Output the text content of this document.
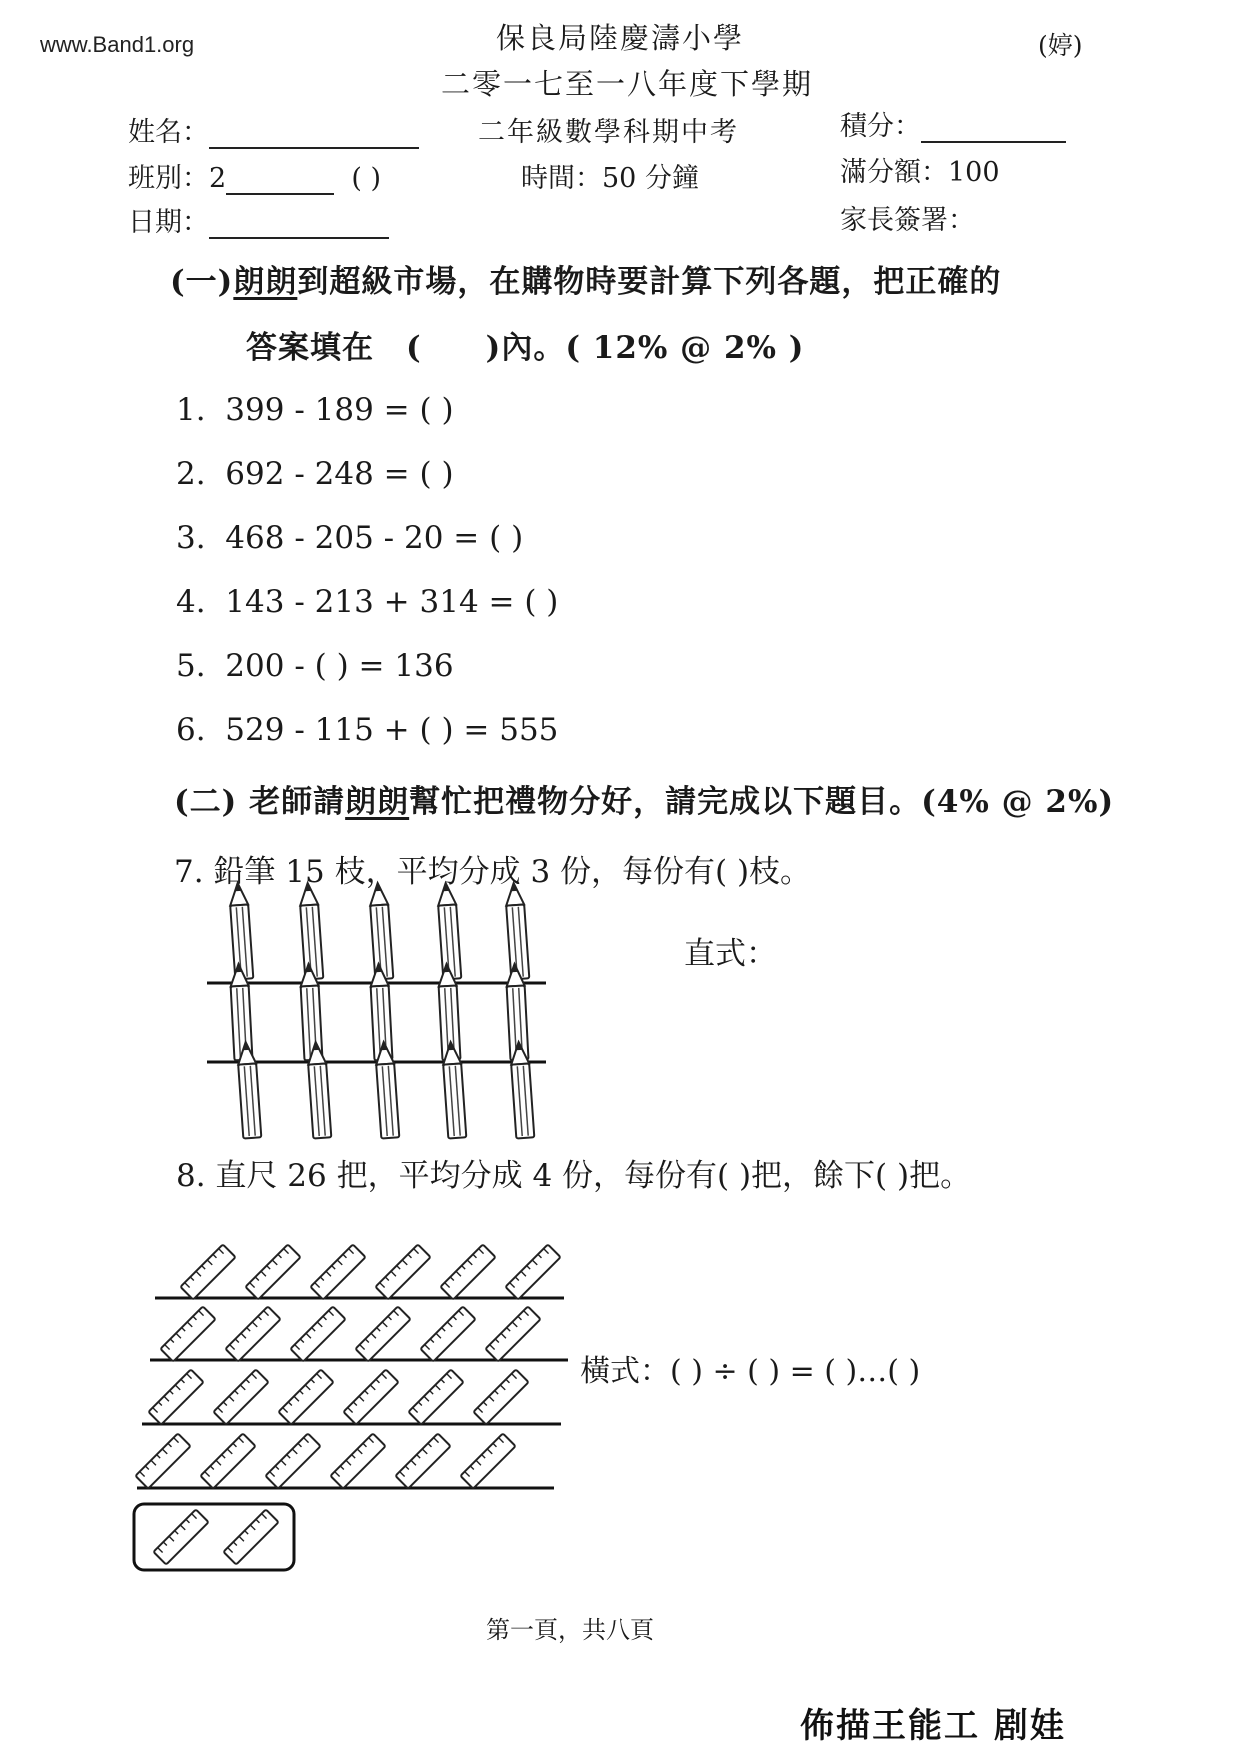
www.Band1.org	保良局陸慶濤小學	(婷)
二零一七至一八年度下學期
姓名：	二年級數學科期中考	積分：
班別：2	( )	時間：50 分鐘	滿分額：100
日期：	家長簽署：
(一)朗朗到超級市場，在購物時要計算下列各題，把正確的
答案填在　(　　)內。( 12% @ 2% )
1. 399 - 189 = ( )
2. 692 - 248 = ( )
3. 468 - 205 - 20 = ( )
4. 143 - 213 + 314 = ( )
5. 200 - ( ) = 136
6. 529 - 115 + ( ) = 555
(二) 老師請朗朗幫忙把禮物分好，請完成以下題目。(4% @ 2%)
7. 鉛筆 15 枝，平均分成 3 份，每份有( )枝。
直式：
8. 直尺 26 把，平均分成 4 份，每份有( )把，餘下( )把。
橫式：( ) ÷ ( ) = ( )…( )
第一頁，共八頁
佈描王能工 剧娃
